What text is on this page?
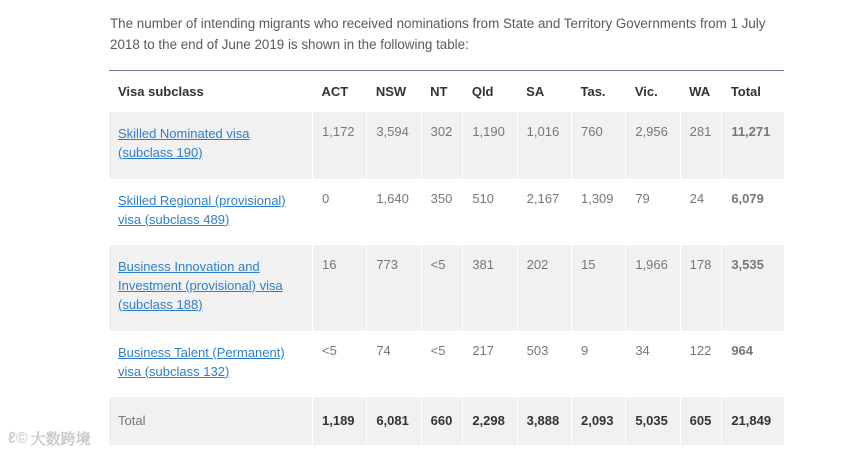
The number of intending migrants who received nominations from State and Territory Governments from 1 July 2018 to the end of June 2019 is shown in the following table:
Visa subclass	ACT	NSW	NT	Qld	SA	Tas.	Vic.	WA	Total
Skilled Nominated visa (subclass 190)	1,172	3,594	302	1,190	1,016	760	2,956	281	11,271
Skilled Regional (provisional) visa (subclass 489)	0	1,640	350	510	2,167	1,309	79	24	6,079
Business Innovation and Investment (provisional) visa (subclass 188)	16	773	<5	381	202	15	1,966	178	3,535
Business Talent (Permanent) visa (subclass 132)	<5	74	<5	217	503	9	34	122	964
Total	1,189	6,081	660	2,298	3,888	2,093	5,035	605	21,849
ℓ© 大数跨境
